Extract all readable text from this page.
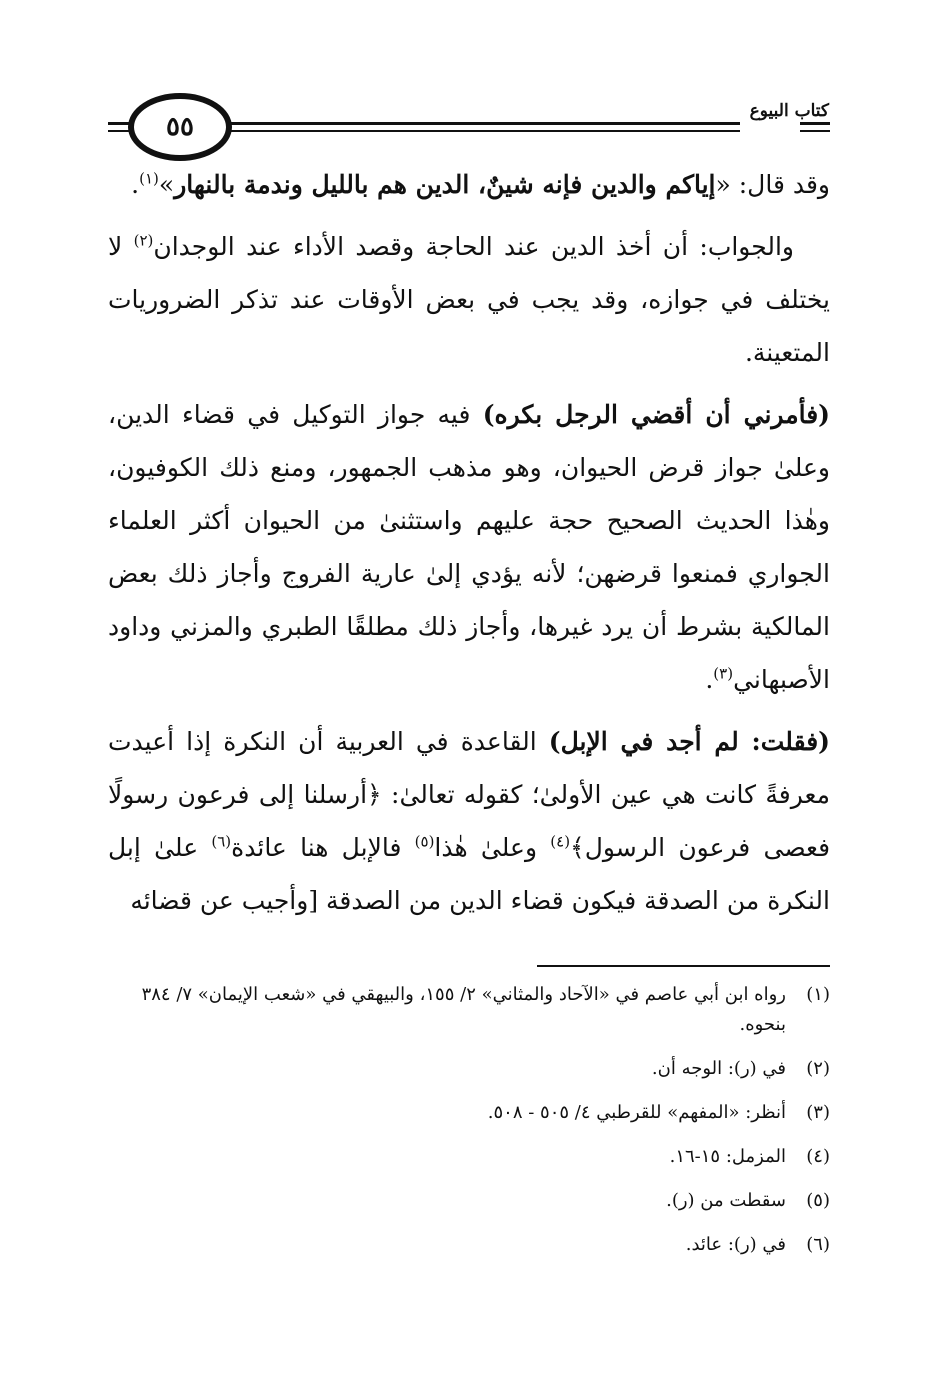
٥٥
كتاب البيوع

وقد قال: «إياكم والدين فإنه شينٌ، الدين هم بالليل وندمة بالنهار»$^{(١)}$.

والجواب: أن أخذ الدين عند الحاجة وقصد الأداء عند الوجدان$^{(٢)}$ لا يختلف في جوازه، وقد يجب في بعض الأوقات عند تذكر الضروريات المتعينة.

(فأمرني أن أقضي الرجل بكره) فيه جواز التوكيل في قضاء الدين، وعلىٰ جواز قرض الحيوان، وهو مذهب الجمهور، ومنع ذلك الكوفيون، وهٰذا الحديث الصحيح حجة عليهم واستثنىٰ من الحيوان أكثر العلماء الجواري فمنعوا قرضهن؛ لأنه يؤدي إلىٰ عارية الفروج وأجاز ذلك بعض المالكية بشرط أن يرد غيرها، وأجاز ذلك مطلقًا الطبري والمزني وداود الأصبهاني$^{(٣)}$.

(فقلت: لم أجد في الإبل) القاعدة في العربية أن النكرة إذا أعيدت معرفةً كانت هي عين الأولىٰ؛ كقوله تعالىٰ: ﴿أرسلنا إلى فرعون رسولًا فعصى فرعون الرسول﴾$^{(٤)}$ وعلىٰ هٰذا$^{(٥)}$ فالإبل هنا عائدة$^{(٦)}$ علىٰ إبل النكرة من الصدقة فيكون قضاء الدين من الصدقة [وأجيب عن قضائه

(١)
رواه ابن أبي عاصم في «الآحاد والمثاني» ٢/ ١٥٥، والبيهقي في «شعب الإيمان» ٧/ ٣٨٤ بنحوه.
(٢)
في (ر): الوجه أن.
(٣)
أنظر: «المفهم» للقرطبي ٤/ ٥٠٥ - ٥٠٨.
(٤)
المزمل: ١٥-١٦.
(٥)
سقطت من (ر).
(٦)
في (ر): عائد.
